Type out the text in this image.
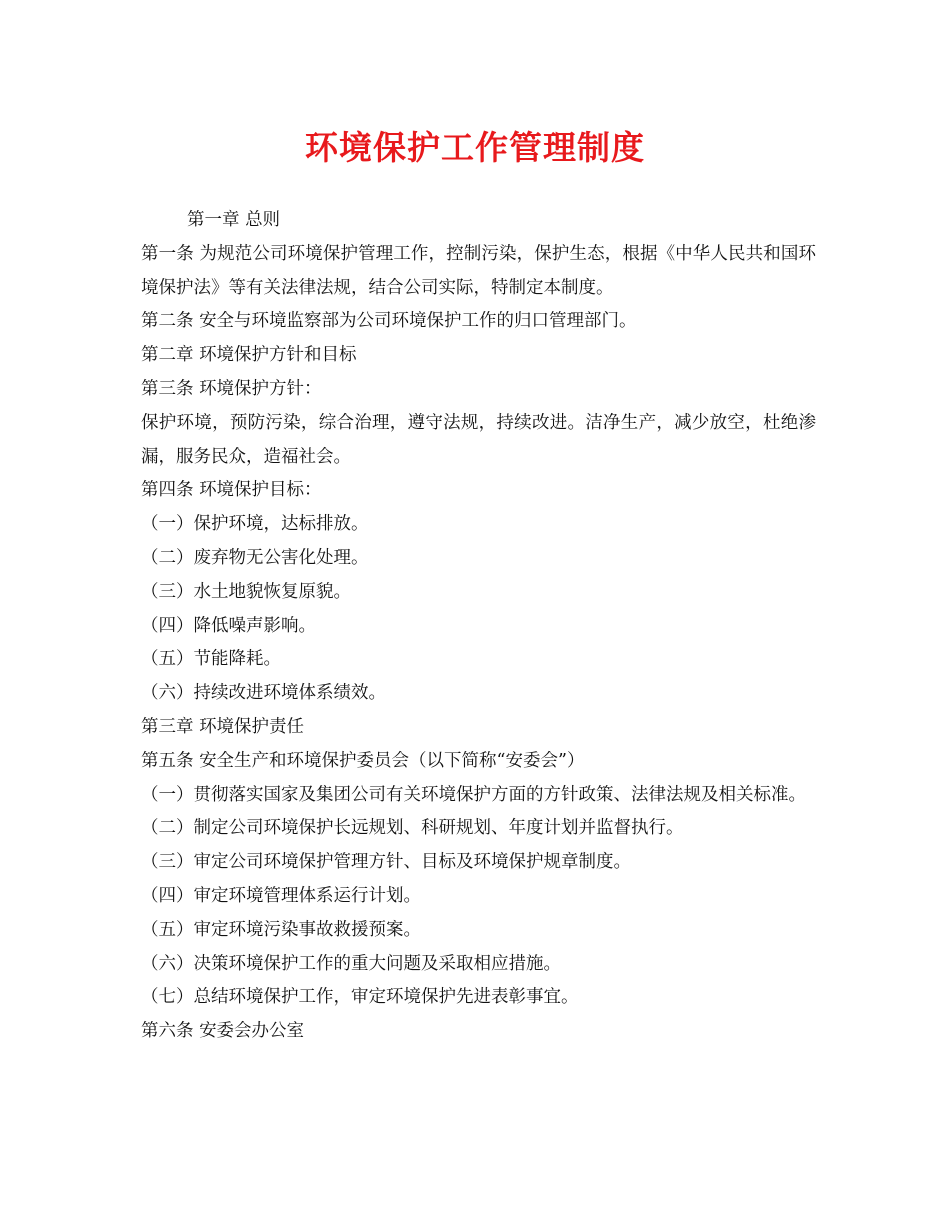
环境保护工作管理制度
第一章 总则
第一条 为规范公司环境保护管理工作，控制污染，保护生态，根据《中华人民共和国环境保护法》等有关法律法规，结合公司实际，特制定本制度。
第二条 安全与环境监察部为公司环境保护工作的归口管理部门。
第二章 环境保护方针和目标
第三条 环境保护方针：
保护环境，预防污染，综合治理，遵守法规，持续改进。洁净生产，减少放空，杜绝渗漏，服务民众，造福社会。
第四条 环境保护目标：
（一）保护环境，达标排放。
（二）废弃物无公害化处理。
（三）水土地貌恢复原貌。
（四）降低噪声影响。
（五）节能降耗。
（六）持续改进环境体系绩效。
第三章 环境保护责任
第五条 安全生产和环境保护委员会（以下简称“安委会”）
（一）贯彻落实国家及集团公司有关环境保护方面的方针政策、法律法规及相关标准。
（二）制定公司环境保护长远规划、科研规划、年度计划并监督执行。
（三）审定公司环境保护管理方针、目标及环境保护规章制度。
（四）审定环境管理体系运行计划。
（五）审定环境污染事故救援预案。
（六）决策环境保护工作的重大问题及采取相应措施。
（七）总结环境保护工作，审定环境保护先进表彰事宜。
第六条 安委会办公室
